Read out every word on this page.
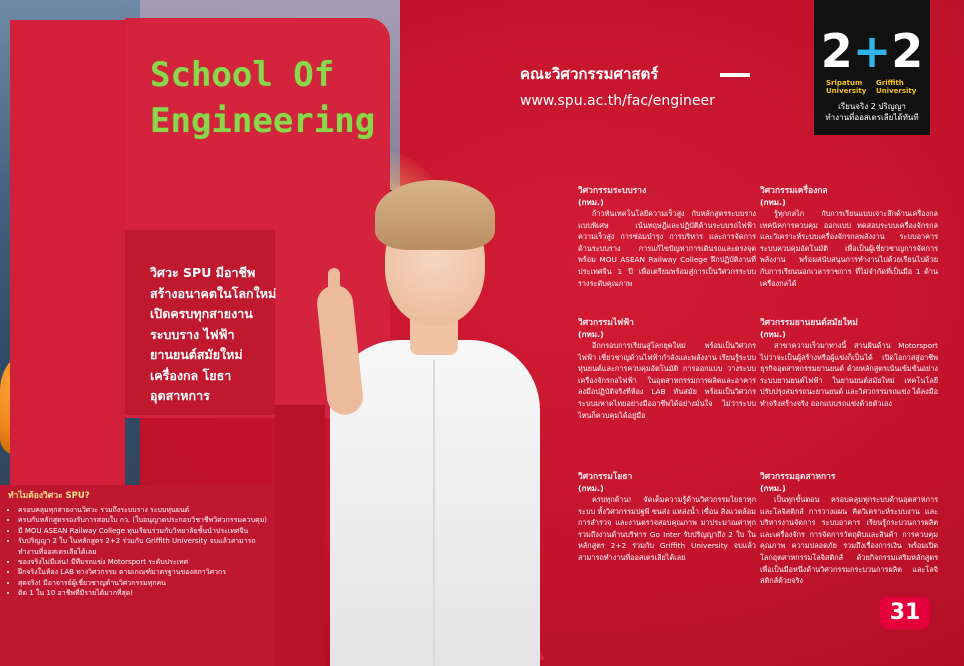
School Of
Engineering
วิศวะ SPU มีอาชีพ
สร้างอนาคตในโลกใหม่
เปิดครบทุกสายงาน
ระบบราง ไฟฟ้า
ยานยนต์สมัยใหม่
เครื่องกล โยธา
อุตสาหการ
คณะวิศวกรรมศาสตร์
www.spu.ac.th/fac/engineer
2+2
Sripatum
University
Griffith
University
เรียนจริง 2 ปริญญา
ทำงานที่ออสเตรเลียได้ทันที
วิศวกรรมระบบราง
(กทม.)

ก้าวทันเทคโนโลยีความเร็วสูง กับหลักสูตรระบบรางแบบพิเศษ เน้นทฤษฎีและปฏิบัติด้านระบบรถไฟฟ้าความเร็วสูง การซ่อมบำรุง การบริหาร และการจัดการด้านระบบราง การแก้ไขปัญหาการเดินรถและตรงจุด พร้อม MOU ASEAN Railway College ฝึกปฏิบัติงานที่ประเทศจีน 1 ปี เพื่อเตรียมพร้อมสู่การเป็นวิศวกรระบบรางระดับคุณภาพ

วิศวกรรมเครื่องกล
(กทม.)

รู้ทุกกลไก กับการเรียนแบบเจาะลึกด้านเครื่องกล เทคนิคการควบคุม ออกแบบ ทดสอบระบบเครื่องจักรกลและวิเคราะห์ระบบเครื่องจักรกลพลังงาน ระบบอาคาร ระบบควบคุมอัตโนมัติ เพื่อเป็นผู้เชี่ยวชาญการจัดการพลังงาน พร้อมสนับสนุนการทำงานไปด้วยเรียนไปด้วย กับการเรียนนอกเวลาราชการ ที่ไม่จำกัดที่เป็นมือ 1 ด้านเครื่องกลได้

วิศวกรรมไฟฟ้า
(กทม.)

อีกกรอบการเรียนสู่โลกยุคใหม่ พร้อมเป็นวิศวกรไฟฟ้า เชี่ยวชาญด้านไฟฟ้ากำลังและพลังงาน เรียนรู้ระบบหุ่นยนต์และการควบคุมอัตโนมัติ การออกแบบ วางระบบเครื่องจักรกลไฟฟ้า ในอุตสาหกรรมการผลิตและอาคาร ลงมือปฏิบัติจริงที่ห้อง LAB ทันสมัย พร้อมเป็นวิศวกรระบบมหาดไทยอย่างมืออาชีพได้อย่างมั่นใจ ไม่ว่าระบบไหนก็ควบคุมได้อยู่มือ

วิศวกรรมยานยนต์สมัยใหม่
(กทม.)

สาขาความเร็วมาทางนี้ สานฝันด้าน Motorsport ไปว่าจะเป็นผู้สร้างหรือผู้แข่งก็เป็นได้ เปิดโอกาสสู่อาชีพธุรกิจอุตสาหกรรมยานยนต์ ด้วยหลักสูตรเน้นเข้มข้นอย่างระบบยานยนต์ไฟฟ้า ในยานยนต์สมัยใหม่ เทคโนโลยีปรับปรุงสมรรถนะยานยนต์ และวิศวกรรมรถแข่ง ได้ลงมือทำจริงสร้างจริง ออกแบบรถแข่งด้วยตัวเอง

วิศวกรรมโยธา
(กทม.)

ครบทุกด้าน! จัดเต็มความรู้ด้านวิศวกรรมโยธาทุกระบบ ทั้งวิศวกรรมปฐพี ขนส่ง แหล่งน้ำ เขื่อน สิ่งแวดล้อม การสำรวจ และงานตรวจสอบคุณภาพ มาประมาณค่าทุกรวมถึงงานด้านบริหาร Go Inter รับปริญญาถึง 2 ใบ ในหลักสูตร 2+2 ร่วมกับ Griffith University จบแล้วสามารถทำงานที่ออสเตรเลียได้เลย

วิศวกรรมอุตสาหการ
(กทม.)

เป็นทุกขั้นตอน ครอบคลุมทุกระบบด้านอุตสาหการและโลจิสติกส์ การวางแผน คิดวิเคราะห์ระบบงาน และบริหารงานจัดการ ระบบอาคาร เรียนรู้กระบวนการผลิตและเครื่องจักร การจัดการวัตถุดิบและสินค้า การควบคุมคุณภาพ ความปลอดภัย รวมถึงเรื่องการเงิน พร้อมเปิดโลกอุตสาหกรรมโลจิสติกส์ ด้วยกิจกรรมเสริมหลักสูตรเพื่อเป็นมือหนึ่งด้านวิศวกรรมกระบวนการผลิต และโลจิสติกส์ด้วยจริง

ทำไมต้องวิศวะ SPU?
• ครอบคลุมทุกสายงานวิศวะ รวมถึงระบบราง ระบบหุ่นยนต์
• ครบกับหลักสูตรรองรับการสอบใบ กว. (ใบอนุญาตประกอบวิชาชีพวิศวกรรมควบคุม)
• มี MOU ASEAN Railway College ทุนเรียนร่วมกับวิทยาลัยชั้นนำประเทศจีน
• รับปริญญา 2 ใบ ในหลักสูตร 2+2 ร่วมกับ Griffith University จบแล้วสามารถทำงานที่ออสเตรเลียได้เลย
• ของจริงไม่มีเล่น! มีทีมรถแข่ง Motorsport ระดับประเทศ
• ฝึกจริงในห้อง LAB ทางวิศวกรรม ตามเกณฑ์มาตรฐานของสภาวิศวกร
• สุดจริง! มีอาจารย์ผู้เชี่ยวชาญด้านวิศวกรรมทุกคน
• ติด 1 ใน 10 อาชีพที่มีรายได้มากที่สุด!
31
